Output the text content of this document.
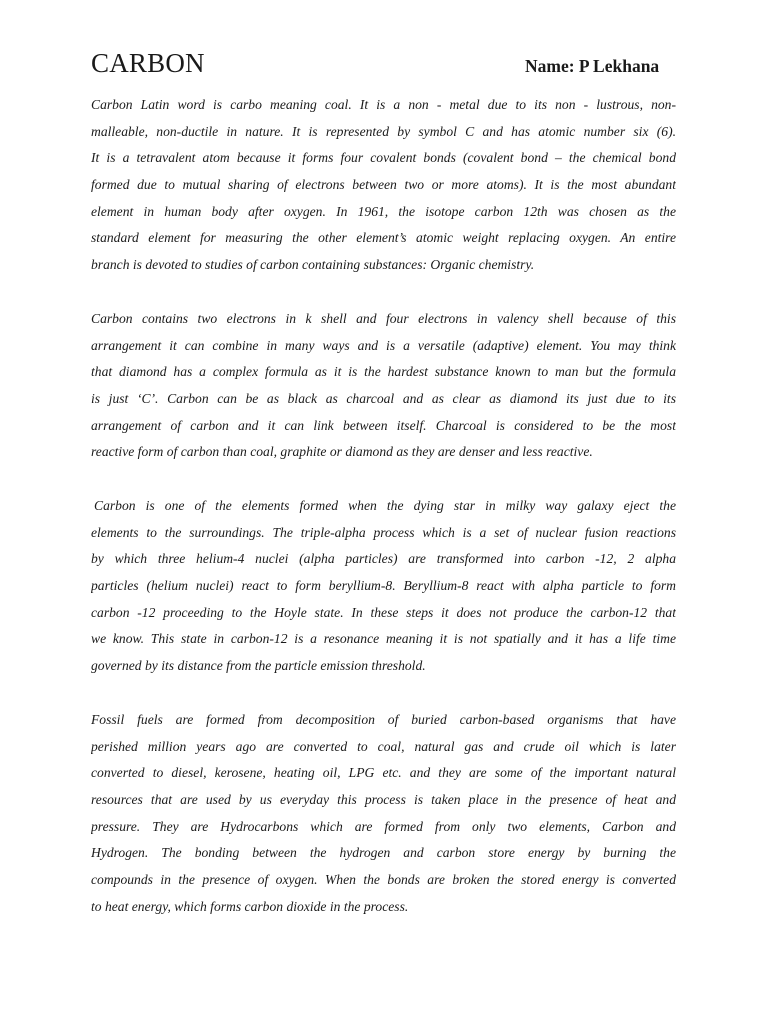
CARBON	Name: P Lekhana
Carbon Latin word is carbo meaning coal. It is a non - metal due to its non - lustrous, non-
malleable, non-ductile in nature. It is represented by symbol C and has atomic number six (6).
It is a tetravalent atom because it forms four covalent bonds (covalent bond – the chemical bond
formed due to mutual sharing of electrons between two or more atoms). It is the most abundant
element in human body after oxygen. In 1961, the isotope carbon 12th was chosen as the
standard element for measuring the other element’s atomic weight replacing oxygen. An entire
branch is devoted to studies of carbon containing substances: Organic chemistry.
Carbon contains two electrons in k shell and four electrons in valency shell because of this
arrangement it can combine in many ways and is a versatile (adaptive) element. You may think
that diamond has a complex formula as it is the hardest substance known to man but the formula
is just ‘C’. Carbon can be as black as charcoal and as clear as diamond its just due to its
arrangement of carbon and it can link between itself. Charcoal is considered to be the most
reactive form of carbon than coal, graphite or diamond as they are denser and less reactive.
Carbon is one of the elements formed when the dying star in milky way galaxy eject the
elements to the surroundings. The triple-alpha process which is a set of nuclear fusion reactions
by which three helium-4 nuclei (alpha particles) are transformed into carbon -12, 2 alpha
particles (helium nuclei) react to form beryllium-8. Beryllium-8 react with alpha particle to form
carbon -12 proceeding to the Hoyle state. In these steps it does not produce the carbon-12 that
we know. This state in carbon-12 is a resonance meaning it is not spatially and it has a life time
governed by its distance from the particle emission threshold.
Fossil fuels are formed from decomposition of buried carbon-based organisms that have
perished million years ago are converted to coal, natural gas and crude oil which is later
converted to diesel, kerosene, heating oil, LPG etc. and they are some of the important natural
resources that are used by us everyday this process is taken place in the presence of heat and
pressure. They are Hydrocarbons which are formed from only two elements, Carbon and
Hydrogen. The bonding between the hydrogen and carbon store energy by burning the
compounds in the presence of oxygen. When the bonds are broken the stored energy is converted
to heat energy, which forms carbon dioxide in the process.
